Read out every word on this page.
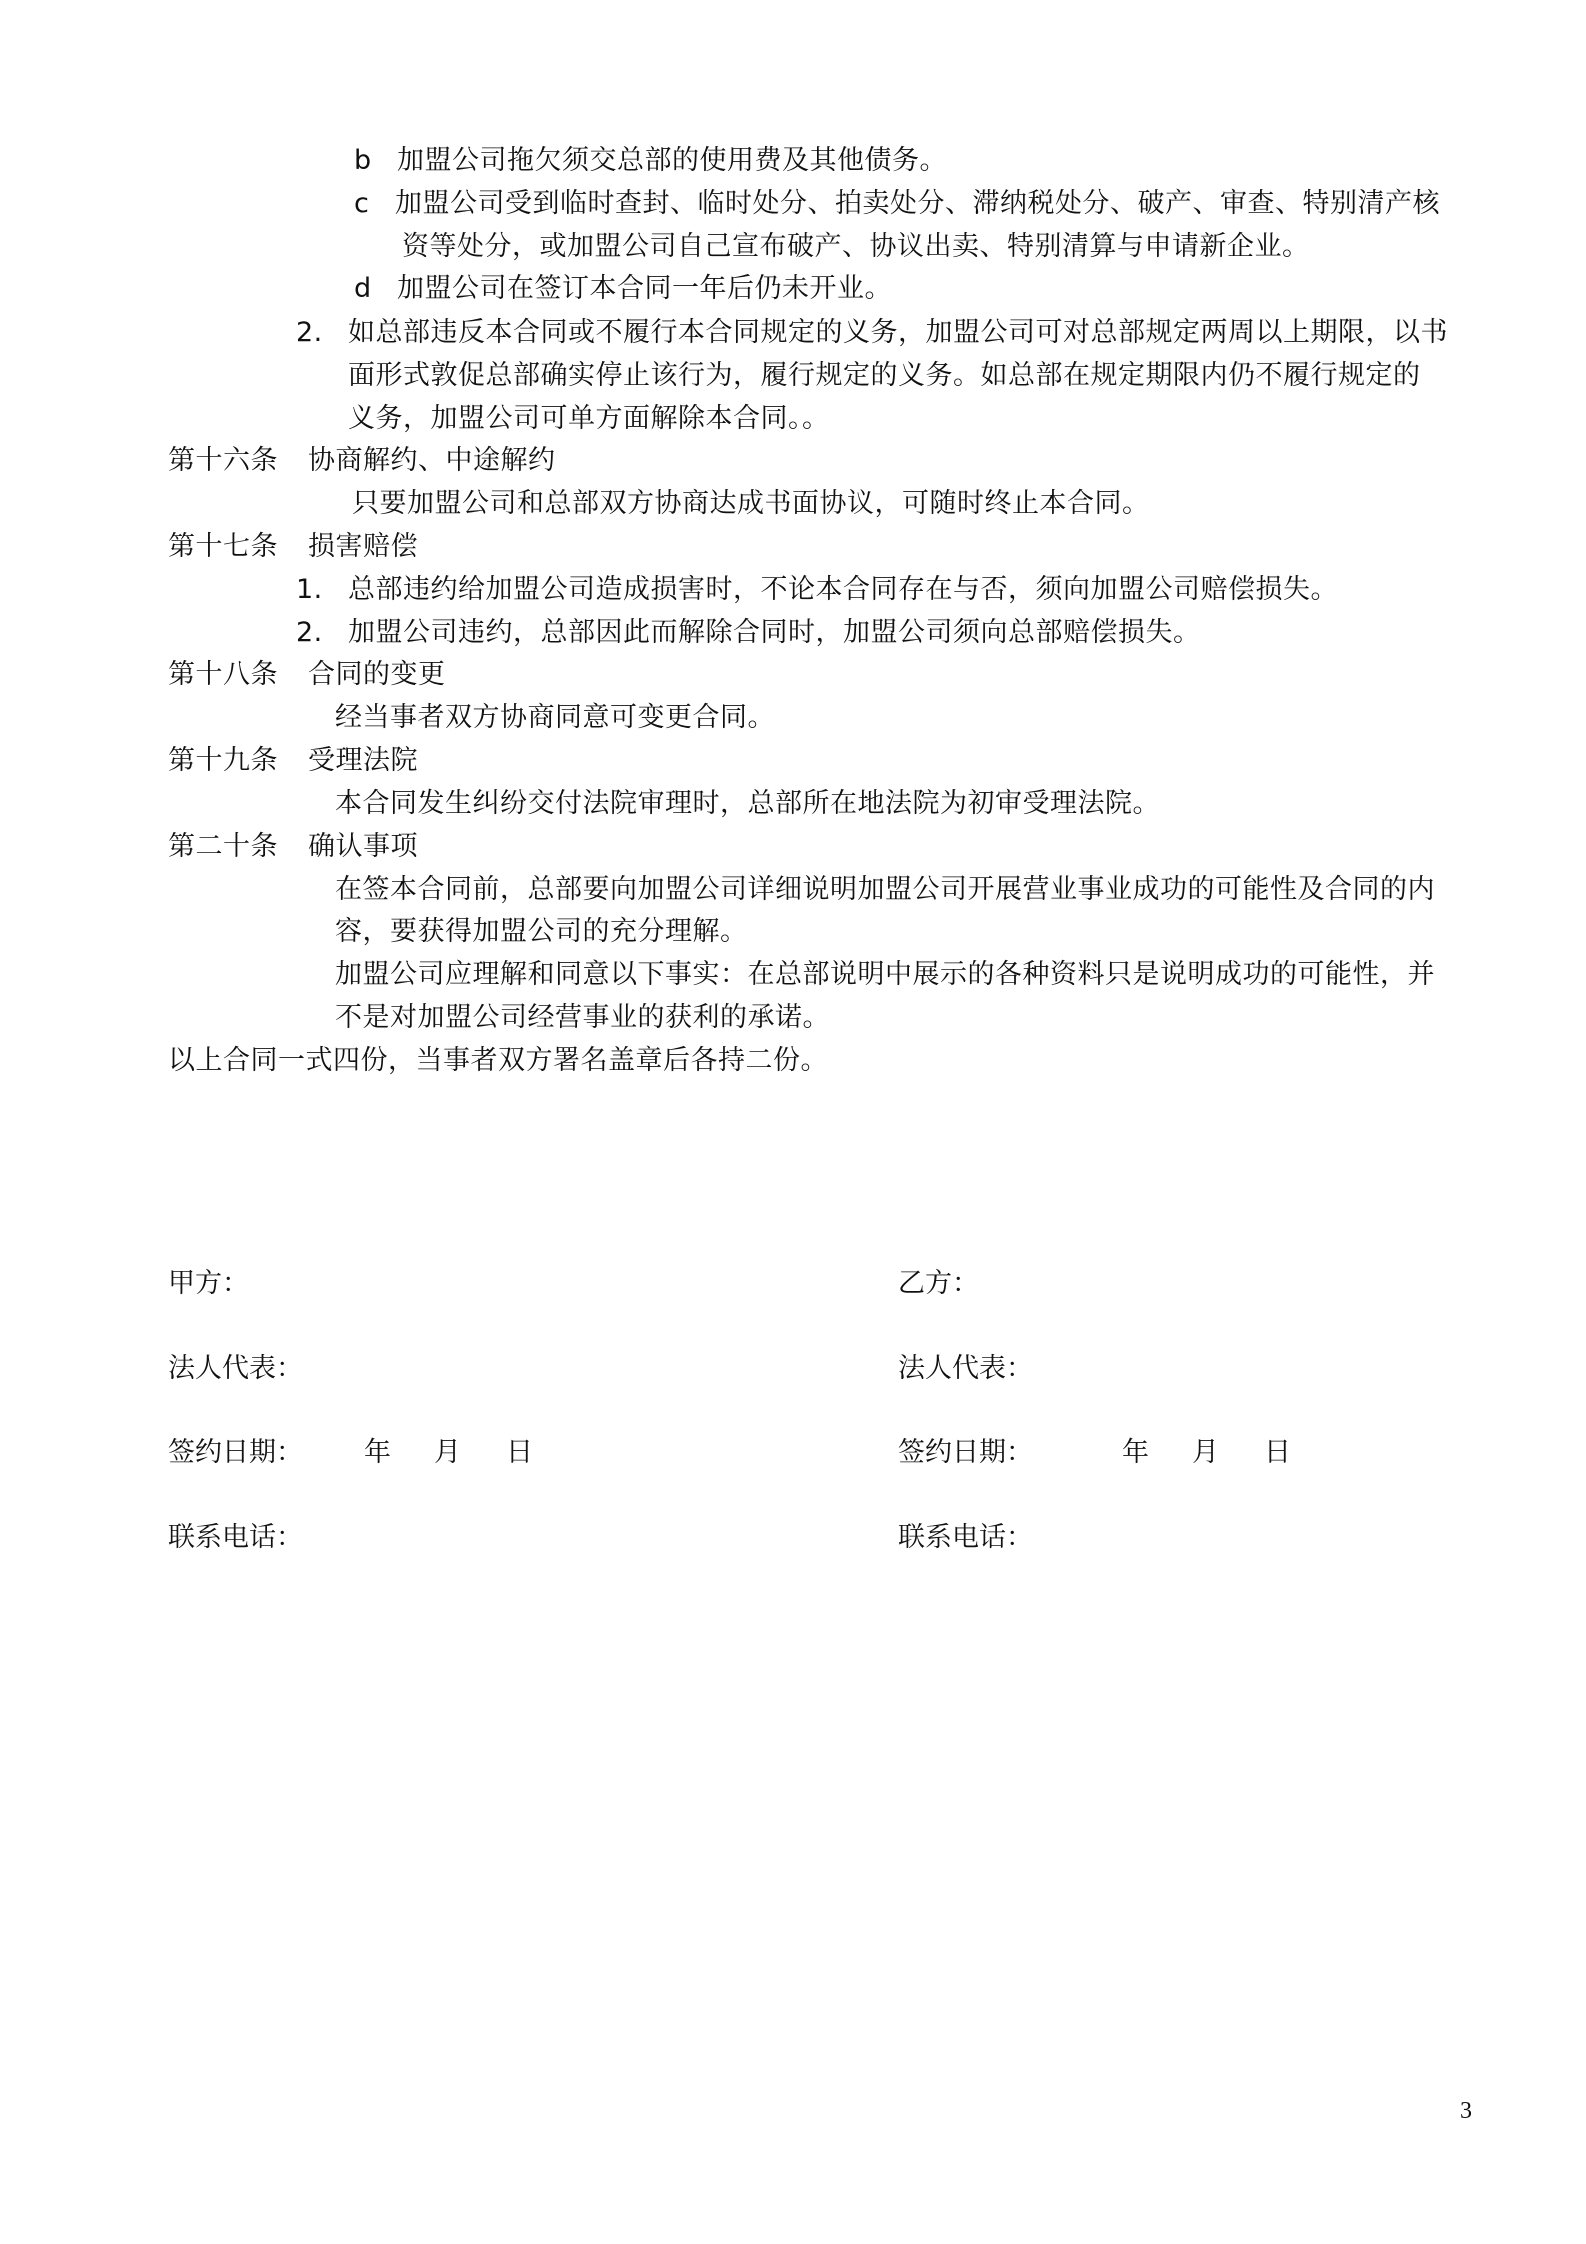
b 加盟公司拖欠须交总部的使用费及其他债务。
c 加盟公司受到临时查封、临时处分、拍卖处分、滞纳税处分、破产、审查、特别清产核
资等处分，或加盟公司自己宣布破产、协议出卖、特别清算与申请新企业。
d 加盟公司在签订本合同一年后仍未开业。
2. 如总部违反本合同或不履行本合同规定的义务，加盟公司可对总部规定两周以上期限，以书
面形式敦促总部确实停止该行为，履行规定的义务。如总部在规定期限内仍不履行规定的
义务，加盟公司可单方面解除本合同。。
第十六条 协商解约、中途解约
只要加盟公司和总部双方协商达成书面协议，可随时终止本合同。
第十七条 损害赔偿
1. 总部违约给加盟公司造成损害时，不论本合同存在与否，须向加盟公司赔偿损失。
2. 加盟公司违约，总部因此而解除合同时，加盟公司须向总部赔偿损失。
第十八条 合同的变更
经当事者双方协商同意可变更合同。
第十九条 受理法院
本合同发生纠纷交付法院审理时，总部所在地法院为初审受理法院。
第二十条 确认事项
在签本合同前，总部要向加盟公司详细说明加盟公司开展营业事业成功的可能性及合同的内
容，要获得加盟公司的充分理解。
加盟公司应理解和同意以下事实：在总部说明中展示的各种资料只是说明成功的可能性，并
不是对加盟公司经营事业的获利的承诺。
以上合同一式四份，当事者双方署名盖章后各持二份。
甲方：
法人代表：
签约日期： 年 月 日
联系电话：
乙方：
法人代表：
签约日期：	年 月 日
联系电话：
3
